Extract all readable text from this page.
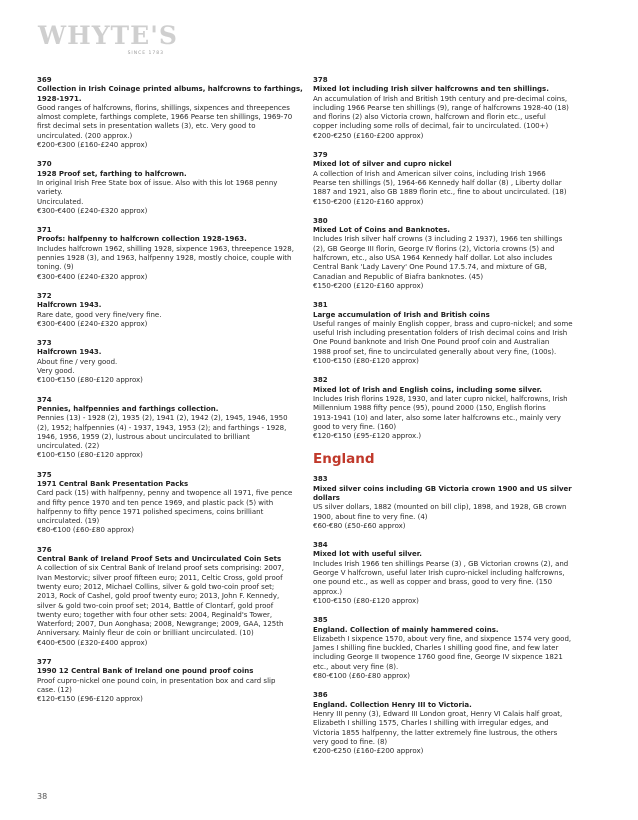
WHYTE'S
SINCE 1783
369
Collection in Irish Coinage printed albums, halfcrowns to farthings,
1928-1971.
Good ranges of halfcrowns, florins, shillings, sixpences and threepences
almost complete, farthings complete, 1966 Pearse ten shillings, 1969-70
first decimal sets in presentation wallets (3), etc. Very good to
uncirculated. (200 approx.)
€200-€300 (£160-£240 approx)
370
1928 Proof set, farthing to halfcrown.
In original Irish Free State box of issue. Also with this lot 1968 penny
variety.
Uncirculated.
€300-€400 (£240-£320 approx)
371
Proofs: halfpenny to halfcrown collection 1928-1963.
Includes halfcrown 1962, shilling 1928, sixpence 1963, threepence 1928,
pennies 1928 (3), and 1963, halfpenny 1928, mostly choice, couple with
toning. (9)
€300-€400 (£240-£320 approx)
372
Halfcrown 1943.
Rare date, good very fine/very fine.
€300-€400 (£240-£320 approx)
373
Halfcrown 1943.
About fine / very good.
Very good.
€100-€150 (£80-£120 approx)
374
Pennies, halfpennies and farthings collection.
Pennies (13) - 1928 (2), 1935 (2), 1941 (2), 1942 (2), 1945, 1946, 1950
(2), 1952; halfpennies (4) - 1937, 1943, 1953 (2); and farthings - 1928,
1946, 1956, 1959 (2), lustrous about uncirculated to brilliant
uncirculated. (22)
€100-€150 (£80-£120 approx)
375
1971 Central Bank Presentation Packs
Card pack (15) with halfpenny, penny and twopence all 1971, five pence
and fifty pence 1970 and ten pence 1969, and plastic pack (5) with
halfpenny to fifty pence 1971 polished specimens, coins brilliant
uncirculated. (19)
€80-€100 (£60-£80 approx)
376
Central Bank of Ireland Proof Sets and Uncirculated Coin Sets
A collection of six Central Bank of Ireland proof sets comprising: 2007,
Ivan Mestorvic; silver proof fifteen euro; 2011, Celtic Cross, gold proof
twenty euro; 2012, Michael Collins, silver & gold two-coin proof set;
2013, Rock of Cashel, gold proof twenty euro; 2013, John F. Kennedy,
silver & gold two-coin proof set; 2014, Battle of Clontarf, gold proof
twenty euro; together with four other sets: 2004, Reginald's Tower,
Waterford; 2007, Dun Aonghasa; 2008, Newgrange; 2009, GAA, 125th
Anniversary. Mainly fleur de coin or brilliant uncirculated. (10)
€400-€500 (£320-£400 approx)
377
1990 12 Central Bank of Ireland one pound proof coins
Proof cupro-nickel one pound coin, in presentation box and card slip
case. (12)
€120-€150 (£96-£120 approx)
378
Mixed lot including Irish silver halfcrowns and ten shillings.
An accumulation of Irish and British 19th century and pre-decimal coins,
including 1966 Pearse ten shillings (9), range of halfcrowns 1928-40 (18)
and florins (2) also Victoria crown, halfcrown and florin etc., useful
copper including some rolls of decimal, fair to uncirculated. (100+)
€200-€250 (£160-£200 approx)
379
Mixed lot of silver and cupro nickel
A collection of Irish and American silver coins, including Irish 1966
Pearse ten shillings (5), 1964-66 Kennedy half dollar (8) , Liberty dollar
1887 and 1921, also GB 1889 florin etc., fine to about uncirculated. (18)
€150-€200 (£120-£160 approx)
380
Mixed Lot of Coins and Banknotes.
Includes Irish silver half crowns (3 including 2 1937), 1966 ten shillings
(2), GB George III florin, George IV florins (2), Victoria crowns (5) and
halfcrown, etc., also USA 1964 Kennedy half dollar. Lot also includes
Central Bank 'Lady Lavery' One Pound 17.5.74, and mixture of GB,
Canadian and Republic of Biafra banknotes. (45)
€150-€200 (£120-£160 approx)
381
Large accumulation of Irish and British coins
Useful ranges of mainly English copper, brass and cupro-nickel; and some
useful Irish including presentation folders of Irish decimal coins and Irish
One Pound banknote and Irish One Pound proof coin and Australian
1988 proof set, fine to uncirculated generally about very fine, (100s).
€100-€150 (£80-£120 approx)
382
Mixed lot of Irish and English coins, including some silver.
Includes Irish florins 1928, 1930, and later cupro nickel, halfcrowns, Irish
Millennium 1988 fifty pence (95), pound 2000 (150, English florins
1913-1941 (10) and later, also some later halfcrowns etc., mainly very
good to very fine. (160)
€120-€150 (£95-£120 approx.)
England
383
Mixed silver coins including GB Victoria crown 1900 and US silver
dollars
US silver dollars, 1882 (mounted on bill clip), 1898, and 1928, GB crown
1900, about fine to very fine. (4)
€60-€80 (£50-£60 approx)
384
Mixed lot with useful silver.
Includes Irish 1966 ten shillings Pearse (3) , GB Victorian crowns (2), and
George V halfcrown, useful later Irish cupro-nickel including halfcrowns,
one pound etc., as well as copper and brass, good to very fine. (150
approx.)
€100-€150 (£80-£120 approx)
385
England. Collection of mainly hammered coins.
Elizabeth I sixpence 1570, about very fine, and sixpence 1574 very good,
James I shilling fine buckled, Charles I shilling good fine, and few later
including George II twopence 1760 good fine, George IV sixpence 1821
etc., about very fine (8).
€80-€100 (£60-£80 approx)
386
England. Collection Henry III to Victoria.
Henry III penny (3), Edward III London groat, Henry VI Calais half groat,
Elizabeth I shilling 1575, Charles I shilling with irregular edges, and
Victoria 1855 halfpenny, the latter extremely fine lustrous, the others
very good to fine. (8)
€200-€250 (£160-£200 approx)
38
